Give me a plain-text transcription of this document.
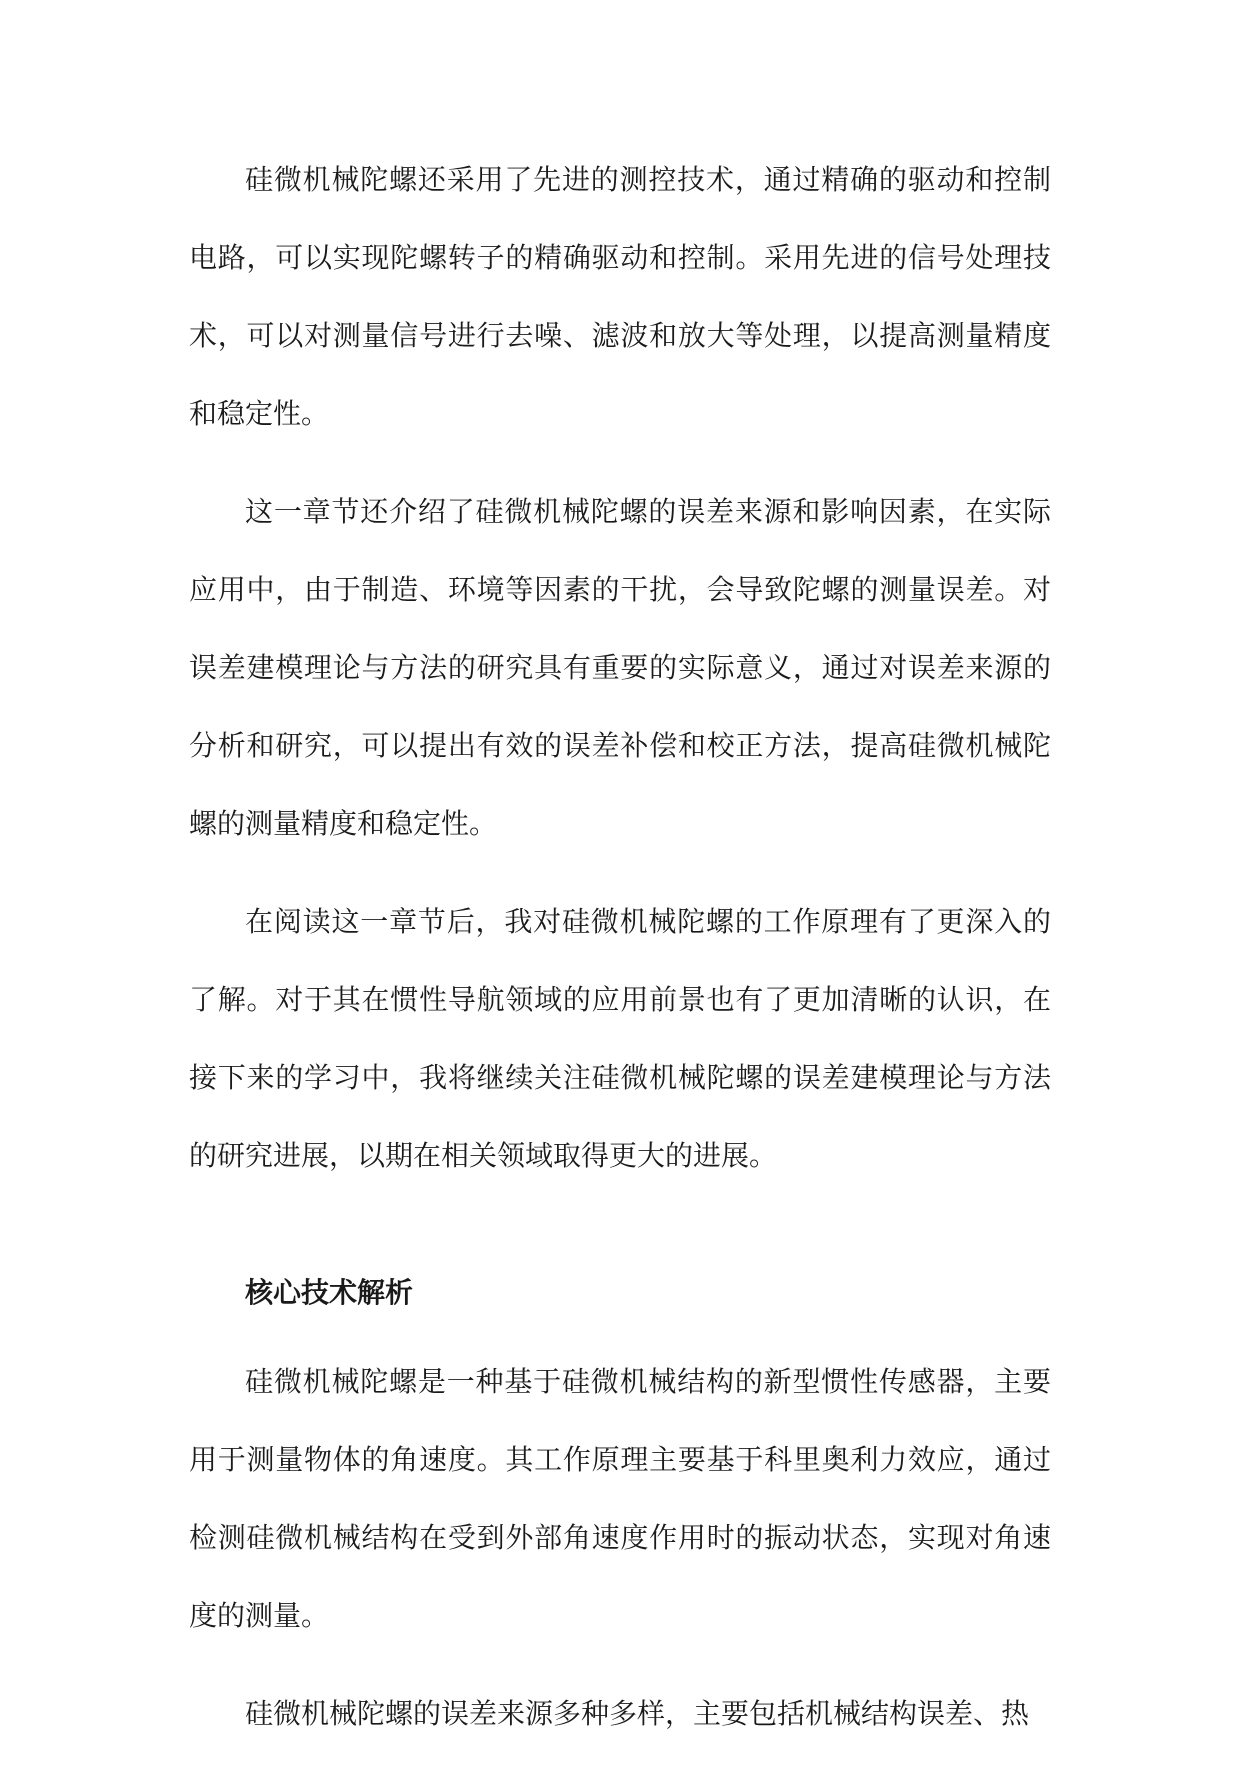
硅微机械陀螺还采用了先进的测控技术，通过精确的驱动和控制电路，可以实现陀螺转子的精确驱动和控制。采用先进的信号处理技术，可以对测量信号进行去噪、滤波和放大等处理，以提高测量精度和稳定性。

这一章节还介绍了硅微机械陀螺的误差来源和影响因素，在实际应用中，由于制造、环境等因素的干扰，会导致陀螺的测量误差。对误差建模理论与方法的研究具有重要的实际意义，通过对误差来源的分析和研究，可以提出有效的误差补偿和校正方法，提高硅微机械陀螺的测量精度和稳定性。

在阅读这一章节后，我对硅微机械陀螺的工作原理有了更深入的了解。对于其在惯性导航领域的应用前景也有了更加清晰的认识，在接下来的学习中，我将继续关注硅微机械陀螺的误差建模理论与方法的研究进展，以期在相关领域取得更大的进展。

核心技术解析

硅微机械陀螺是一种基于硅微机械结构的新型惯性传感器，主要用于测量物体的角速度。其工作原理主要基于科里奥利力效应，通过检测硅微机械结构在受到外部角速度作用时的振动状态，实现对角速度的测量。

硅微机械陀螺的误差来源多种多样，主要包括机械结构误差、热
